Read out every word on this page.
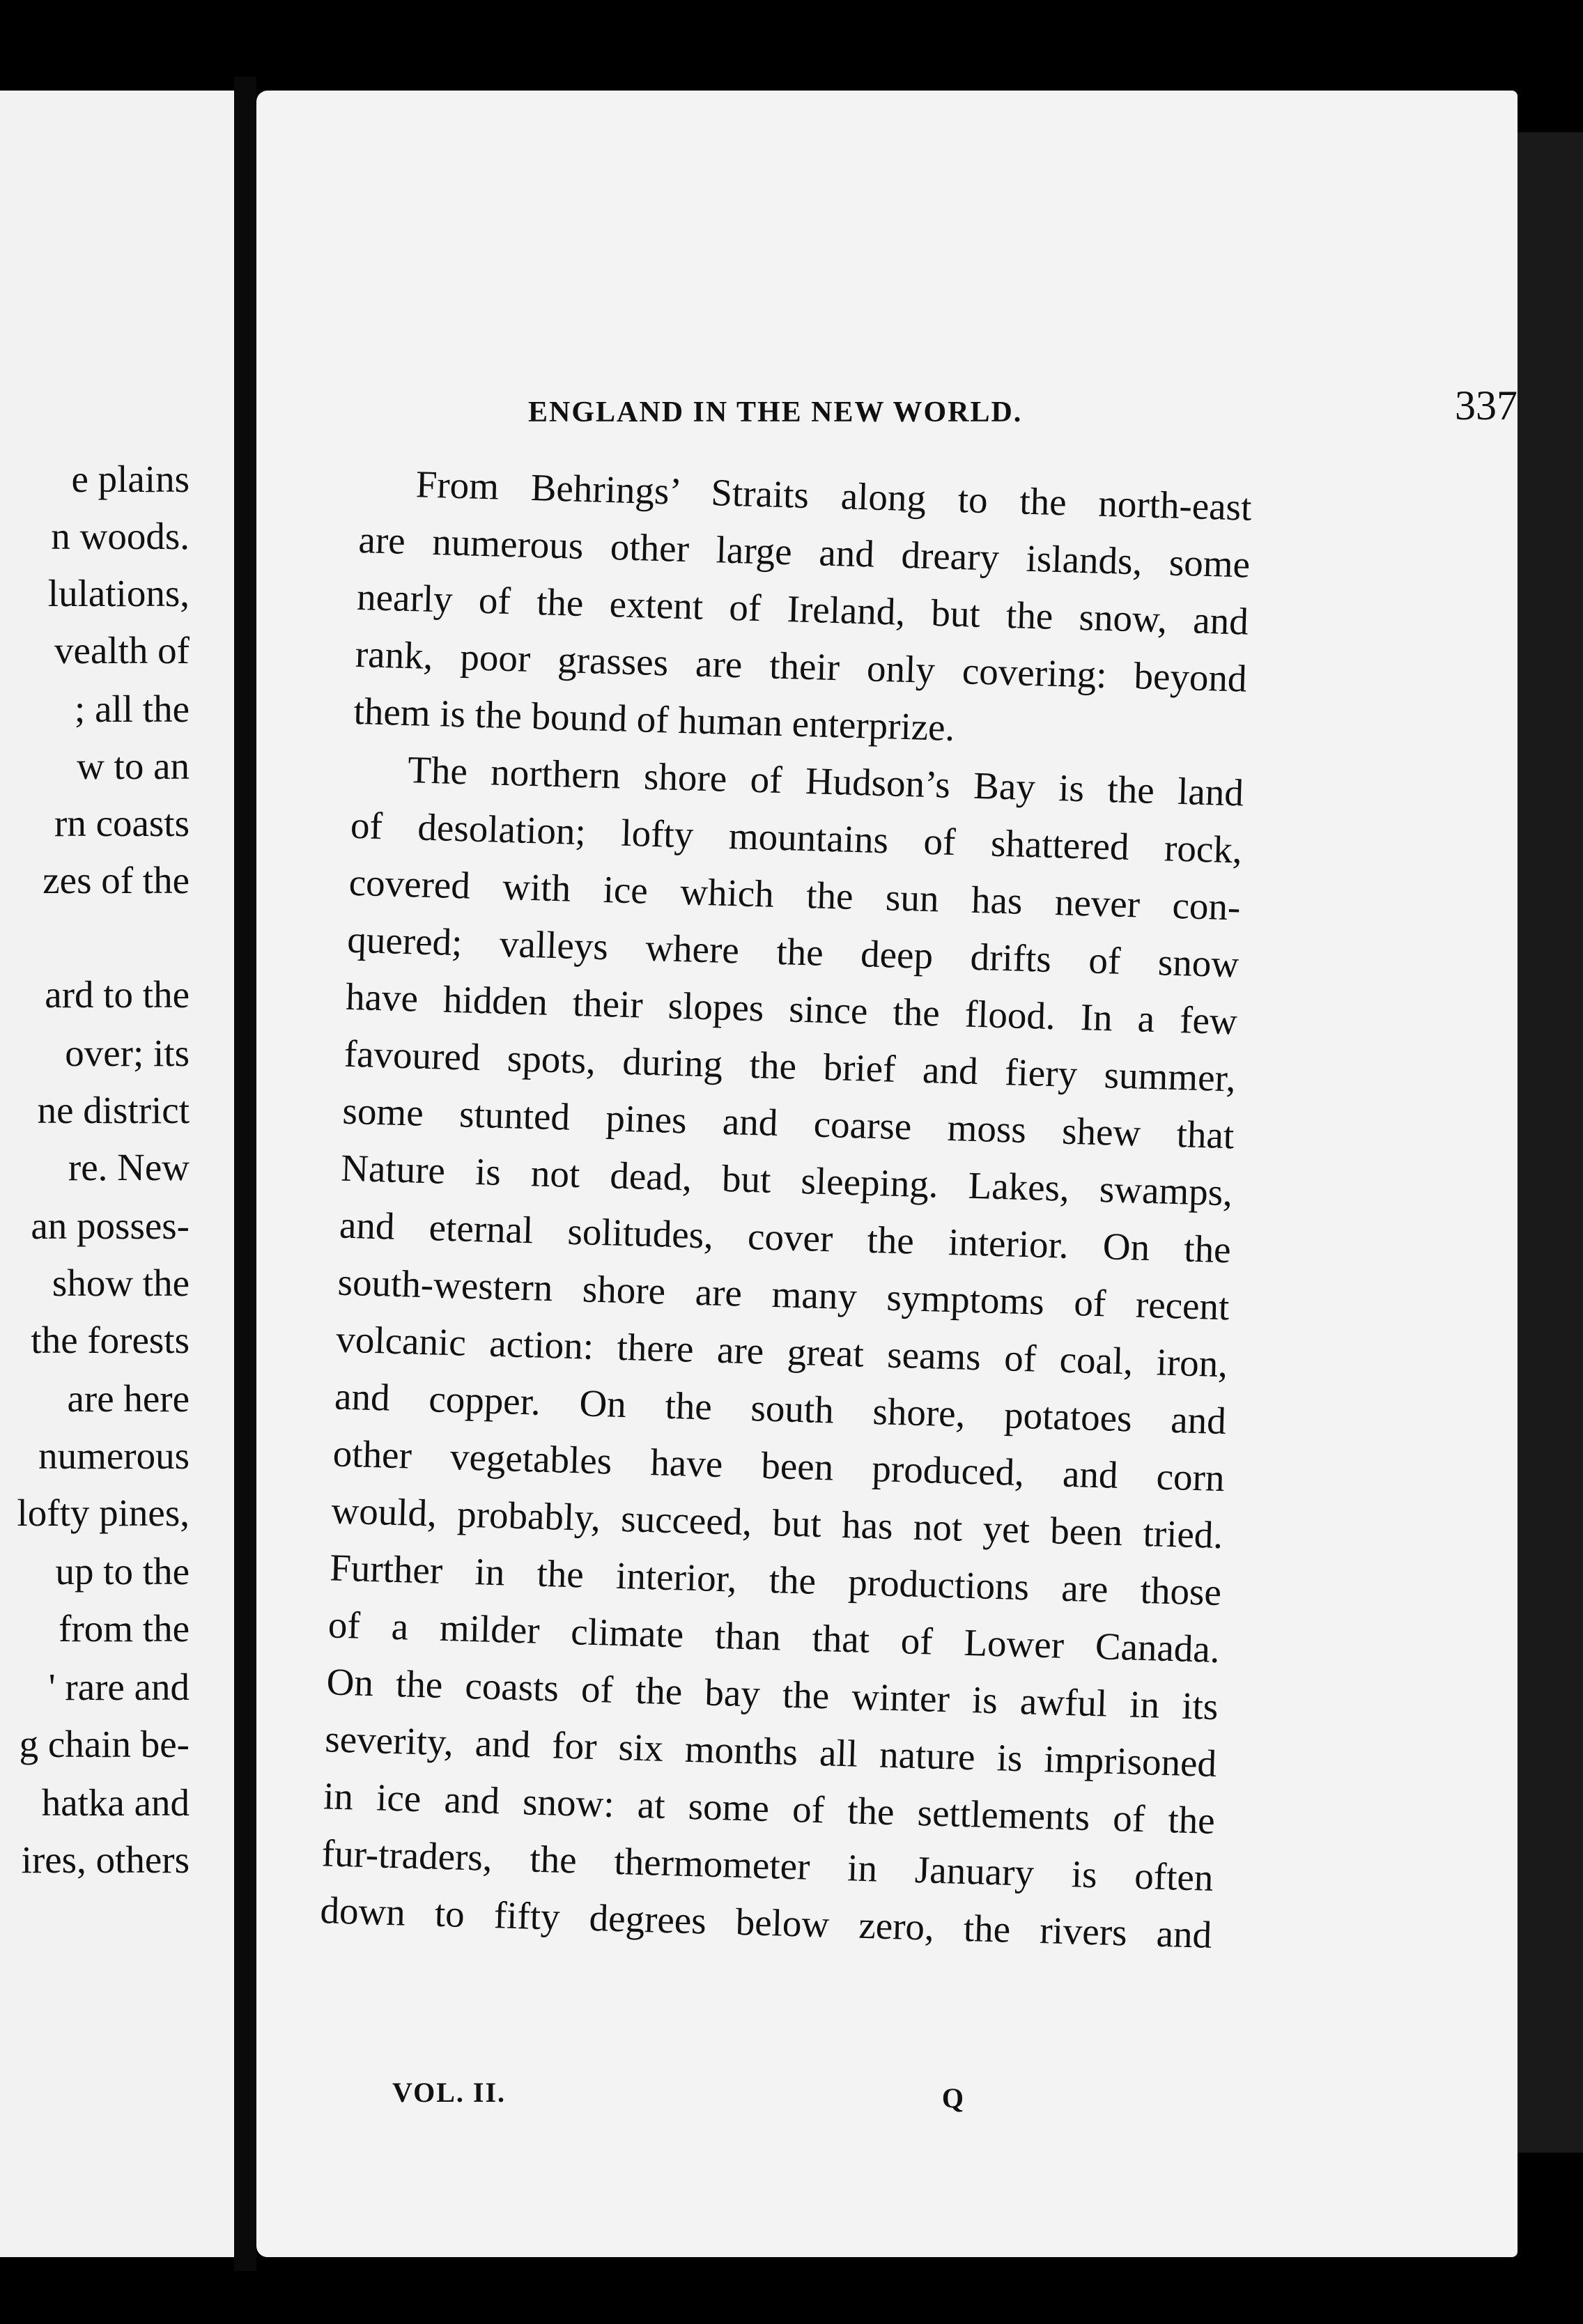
e plains
n woods.
lulations,
vealth of
; all the
w to an
rn coasts
zes of the
ard to the
over; its
ne district
re. New
an posses-
show the
the forests
are here
numerous
lofty pines,
up to the
from the
' rare and
g chain be-
hatka and
ires, others
ENGLAND IN THE NEW WORLD.	337
From Behrings’ Straits along to the north-east
are numerous other large and dreary islands, some
nearly of the extent of Ireland, but the snow, and
rank, poor grasses are their only covering: beyond
them is the bound of human enterprize.
The northern shore of Hudson’s Bay is the land
of desolation; lofty mountains of shattered rock,
covered with ice which the sun has never con-
quered; valleys where the deep drifts of snow
have hidden their slopes since the flood. In a few
favoured spots, during the brief and fiery summer,
some stunted pines and coarse moss shew that
Nature is not dead, but sleeping. Lakes, swamps,
and eternal solitudes, cover the interior. On the
south-western shore are many symptoms of recent
volcanic action: there are great seams of coal, iron,
and copper. On the south shore, potatoes and
other vegetables have been produced, and corn
would, probably, succeed, but has not yet been tried.
Further in the interior, the productions are those
of a milder climate than that of Lower Canada.
On the coasts of the bay the winter is awful in its
severity, and for six months all nature is imprisoned
in ice and snow: at some of the settlements of the
fur-traders, the thermometer in January is often
down to fifty degrees below zero, the rivers and
VOL. II.	Q
